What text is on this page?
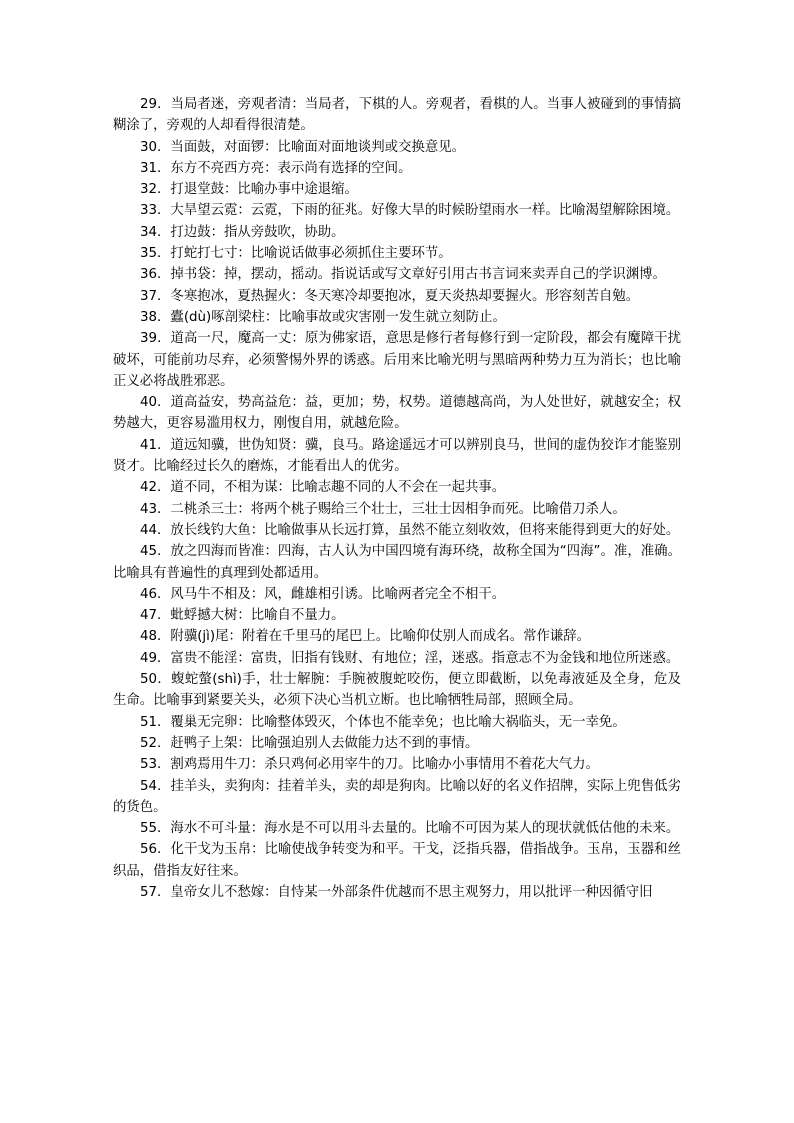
29．当局者迷，旁观者清：当局者，下棋的人。旁观者，看棋的人。当事人被碰到的事情搞糊涂了，旁观的人却看得很清楚。

30．当面鼓，对面锣：比喻面对面地谈判或交换意见。

31．东方不亮西方亮：表示尚有选择的空间。

32．打退堂鼓：比喻办事中途退缩。

33．大旱望云霓：云霓，下雨的征兆。好像大旱的时候盼望雨水一样。比喻渴望解除困境。

34．打边鼓：指从旁鼓吹，协助。

35．打蛇打七寸：比喻说话做事必须抓住主要环节。

36．掉书袋：掉，摆动，摇动。指说话或写文章好引用古书言词来卖弄自己的学识渊博。

37．冬寒抱冰，夏热握火：冬天寒冷却要抱冰，夏天炎热却要握火。形容刻苦自勉。

38．蠹(dù)啄剖梁柱：比喻事故或灾害刚一发生就立刻防止。

39．道高一尺，魔高一丈：原为佛家语，意思是修行者每修行到一定阶段，都会有魔障干扰破坏，可能前功尽弃，必须警惕外界的诱惑。后用来比喻光明与黑暗两种势力互为消长；也比喻正义必将战胜邪恶。

40．道高益安，势高益危：益，更加；势，权势。道德越高尚，为人处世好，就越安全；权势越大，更容易滥用权力，刚愎自用，就越危险。

41．道远知骥，世伪知贤：骥，良马。路途遥远才可以辨别良马，世间的虚伪狡诈才能鉴别贤才。比喻经过长久的磨炼，才能看出人的优劣。

42．道不同，不相为谋：比喻志趣不同的人不会在一起共事。

43．二桃杀三士：将两个桃子赐给三个壮士，三壮士因相争而死。比喻借刀杀人。

44．放长线钓大鱼：比喻做事从长远打算，虽然不能立刻收效，但将来能得到更大的好处。

45．放之四海而皆准：四海，古人认为中国四境有海环绕，故称全国为“四海”。准，准确。比喻具有普遍性的真理到处都适用。

46．风马牛不相及：风，雌雄相引诱。比喻两者完全不相干。

47．蚍蜉撼大树：比喻自不量力。

48．附骥(jì)尾：附着在千里马的尾巴上。比喻仰仗别人而成名。常作谦辞。

49．富贵不能淫：富贵，旧指有钱财、有地位；淫，迷惑。指意志不为金钱和地位所迷惑。

50．蝮蛇螫(shì)手，壮士解腕：手腕被腹蛇咬伤，便立即截断，以免毒液延及全身，危及生命。比喻事到紧要关头，必须下决心当机立断。也比喻牺牲局部，照顾全局。

51．覆巢无完卵：比喻整体毁灭，个体也不能幸免；也比喻大祸临头，无一幸免。

52．赶鸭子上架：比喻强迫别人去做能力达不到的事情。

53．割鸡焉用牛刀：杀只鸡何必用宰牛的刀。比喻办小事情用不着花大气力。

54．挂羊头，卖狗肉：挂着羊头，卖的却是狗肉。比喻以好的名义作招牌，实际上兜售低劣的货色。

55．海水不可斗量：海水是不可以用斗去量的。比喻不可因为某人的现状就低估他的未来。

56．化干戈为玉帛：比喻使战争转变为和平。干戈，泛指兵器，借指战争。玉帛，玉器和丝织品，借指友好往来。

57．皇帝女儿不愁嫁：自恃某一外部条件优越而不思主观努力，用以批评一种因循守旧
